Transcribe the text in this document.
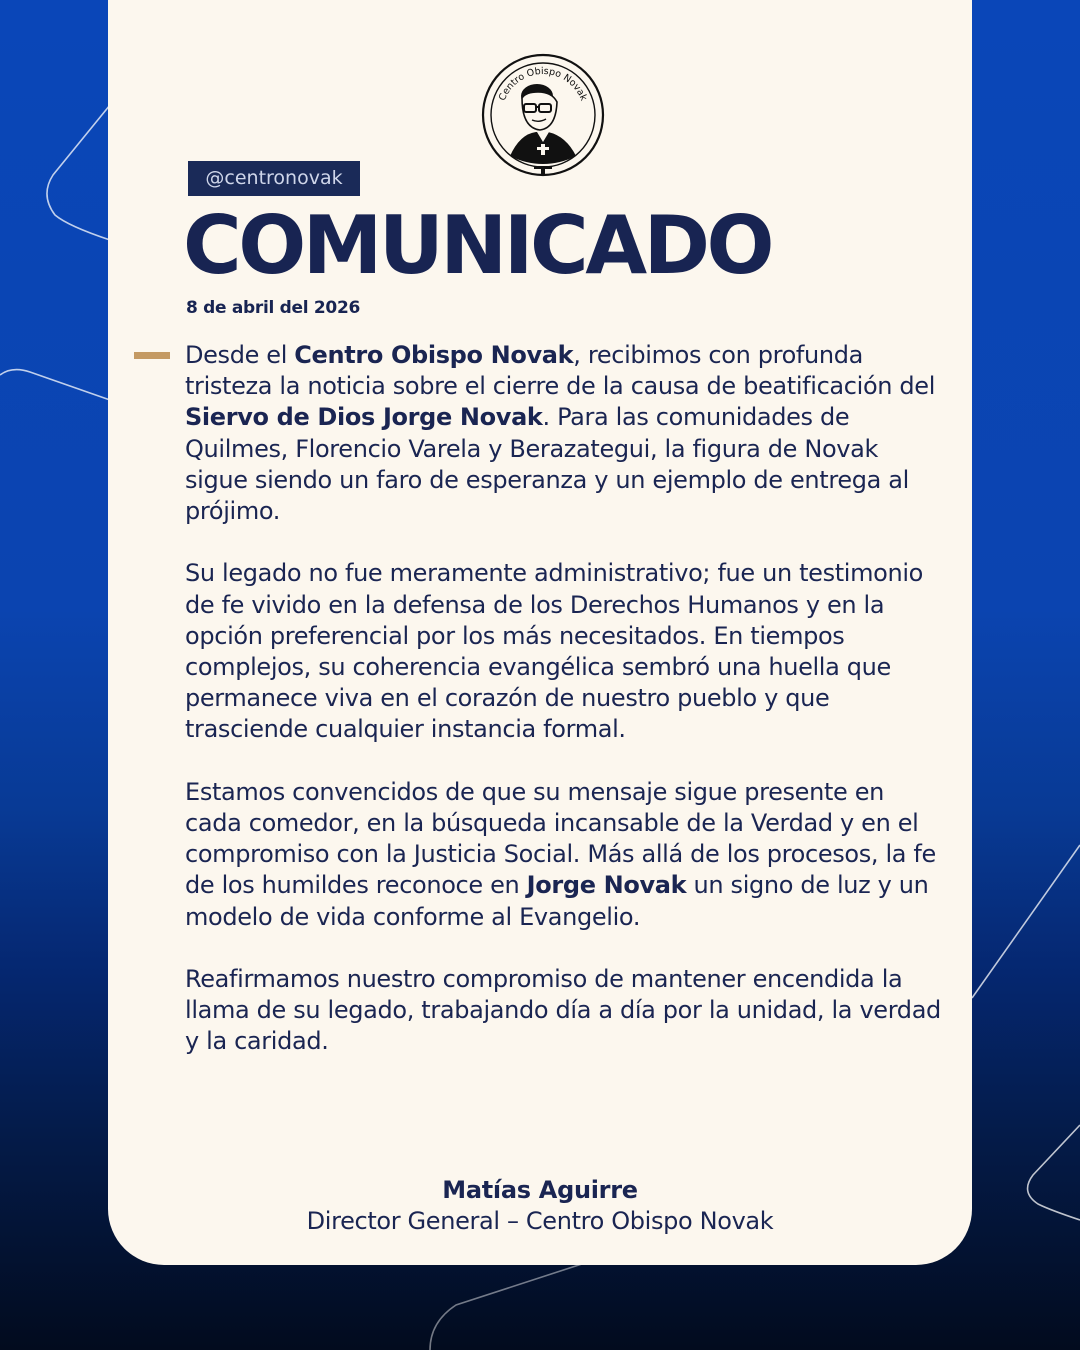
Centro Obispo Novak
@centronovak
COMUNICADO
8 de abril del 2026

Desde el Centro Obispo Novak, recibimos con profunda tristeza la noticia sobre el cierre de la causa de beatificación del Siervo de Dios Jorge Novak. Para las comunidades de Quilmes, Florencio Varela y Berazategui, la figura de Novak sigue siendo un faro de esperanza y un ejemplo de entrega al prójimo.

Su legado no fue meramente administrativo; fue un testimonio de fe vivido en la defensa de los Derechos Humanos y en la opción preferencial por los más necesitados. En tiempos complejos, su coherencia evangélica sembró una huella que permanece viva en el corazón de nuestro pueblo y que trasciende cualquier instancia formal.

Estamos convencidos de que su mensaje sigue presente en cada comedor, en la búsqueda incansable de la Verdad y en el compromiso con la Justicia Social. Más allá de los procesos, la fe de los humildes reconoce en Jorge Novak un signo de luz y un modelo de vida conforme al Evangelio.

Reafirmamos nuestro compromiso de mantener encendida la llama de su legado, trabajando día a día por la unidad, la verdad y la caridad.

Matías Aguirre
Director General – Centro Obispo Novak
